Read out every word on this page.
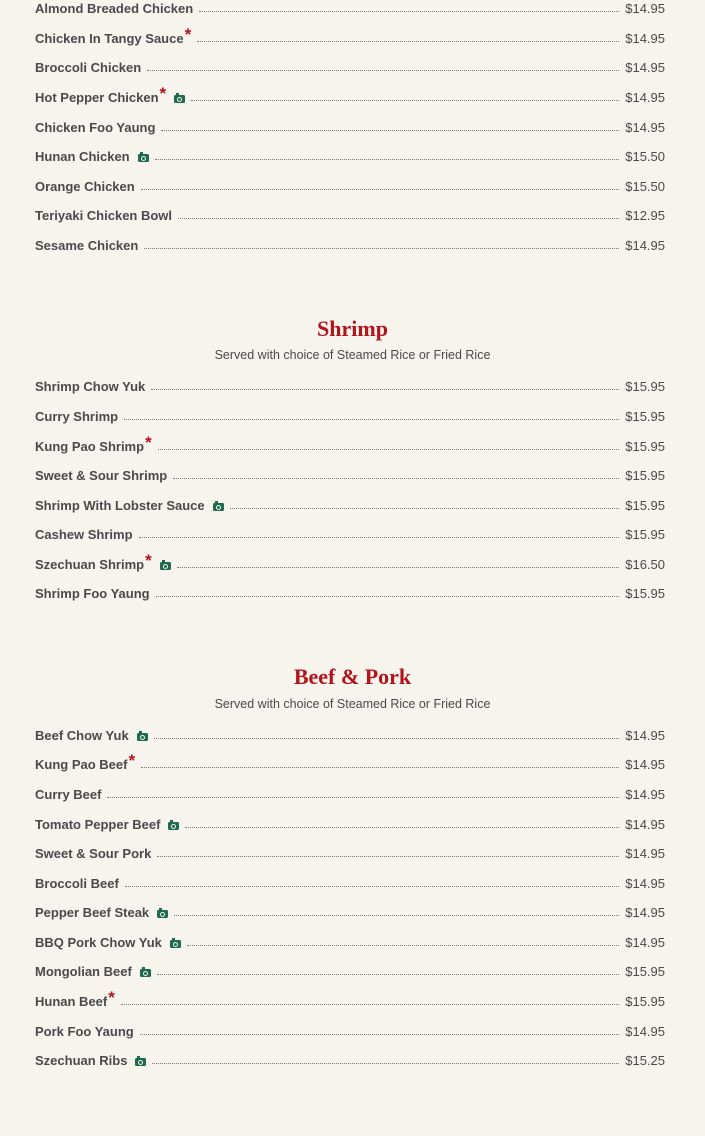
Almond Breaded Chicken	$14.95
Chicken In Tangy Sauce *	$14.95
Broccoli Chicken	$14.95
Hot Pepper Chicken *	$14.95
Chicken Foo Yaung	$14.95
Hunan Chicken	$15.50
Orange Chicken	$15.50
Teriyaki Chicken Bowl	$12.95
Sesame Chicken	$14.95
Shrimp
Served with choice of Steamed Rice or Fried Rice
Shrimp Chow Yuk	$15.95
Curry Shrimp	$15.95
Kung Pao Shrimp *	$15.95
Sweet & Sour Shrimp	$15.95
Shrimp With Lobster Sauce	$15.95
Cashew Shrimp	$15.95
Szechuan Shrimp *	$16.50
Shrimp Foo Yaung	$15.95
Beef & Pork
Served with choice of Steamed Rice or Fried Rice
Beef Chow Yuk	$14.95
Kung Pao Beef *	$14.95
Curry Beef	$14.95
Tomato Pepper Beef	$14.95
Sweet & Sour Pork	$14.95
Broccoli Beef	$14.95
Pepper Beef Steak	$14.95
BBQ Pork Chow Yuk	$14.95
Mongolian Beef	$15.95
Hunan Beef *	$15.95
Pork Foo Yaung	$14.95
Szechuan Ribs	$15.25
